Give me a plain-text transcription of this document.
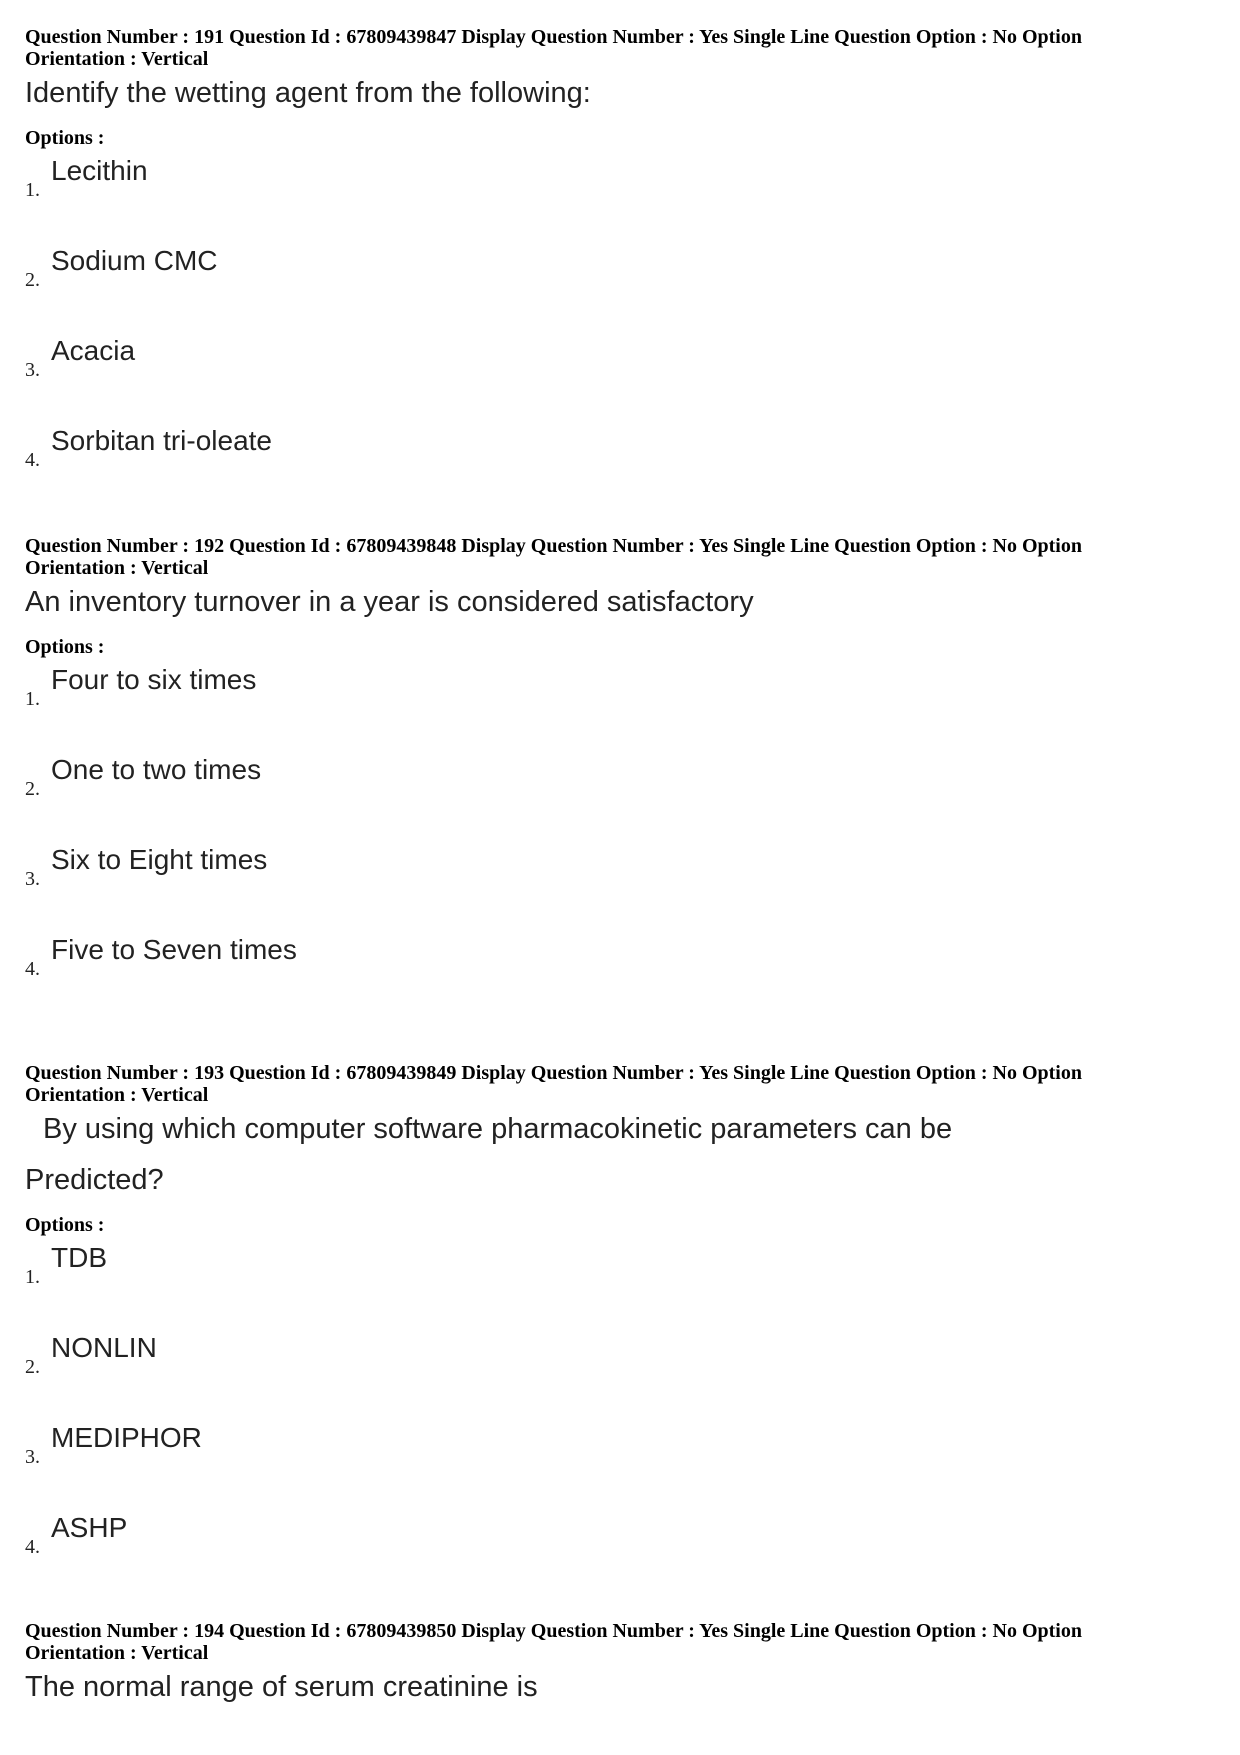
Question Number : 191 Question Id : 67809439847 Display Question Number : Yes Single Line Question Option : No Option
Orientation : Vertical
Identify the wetting agent from the following:
Options :
1.
Lecithin
2.
Sodium CMC
3.
Acacia
4.
Sorbitan tri-oleate
Question Number : 192 Question Id : 67809439848 Display Question Number : Yes Single Line Question Option : No Option
Orientation : Vertical
An inventory turnover in a year is considered satisfactory
Options :
1.
Four to six times
2.
One to two times
3.
Six to Eight times
4.
Five to Seven times
Question Number : 193 Question Id : 67809439849 Display Question Number : Yes Single Line Question Option : No Option
Orientation : Vertical
By using which computer software pharmacokinetic parameters can be
Predicted?
Options :
1.
TDB
2.
NONLIN
3.
MEDIPHOR
4.
ASHP
Question Number : 194 Question Id : 67809439850 Display Question Number : Yes Single Line Question Option : No Option
Orientation : Vertical
The normal range of serum creatinine is
